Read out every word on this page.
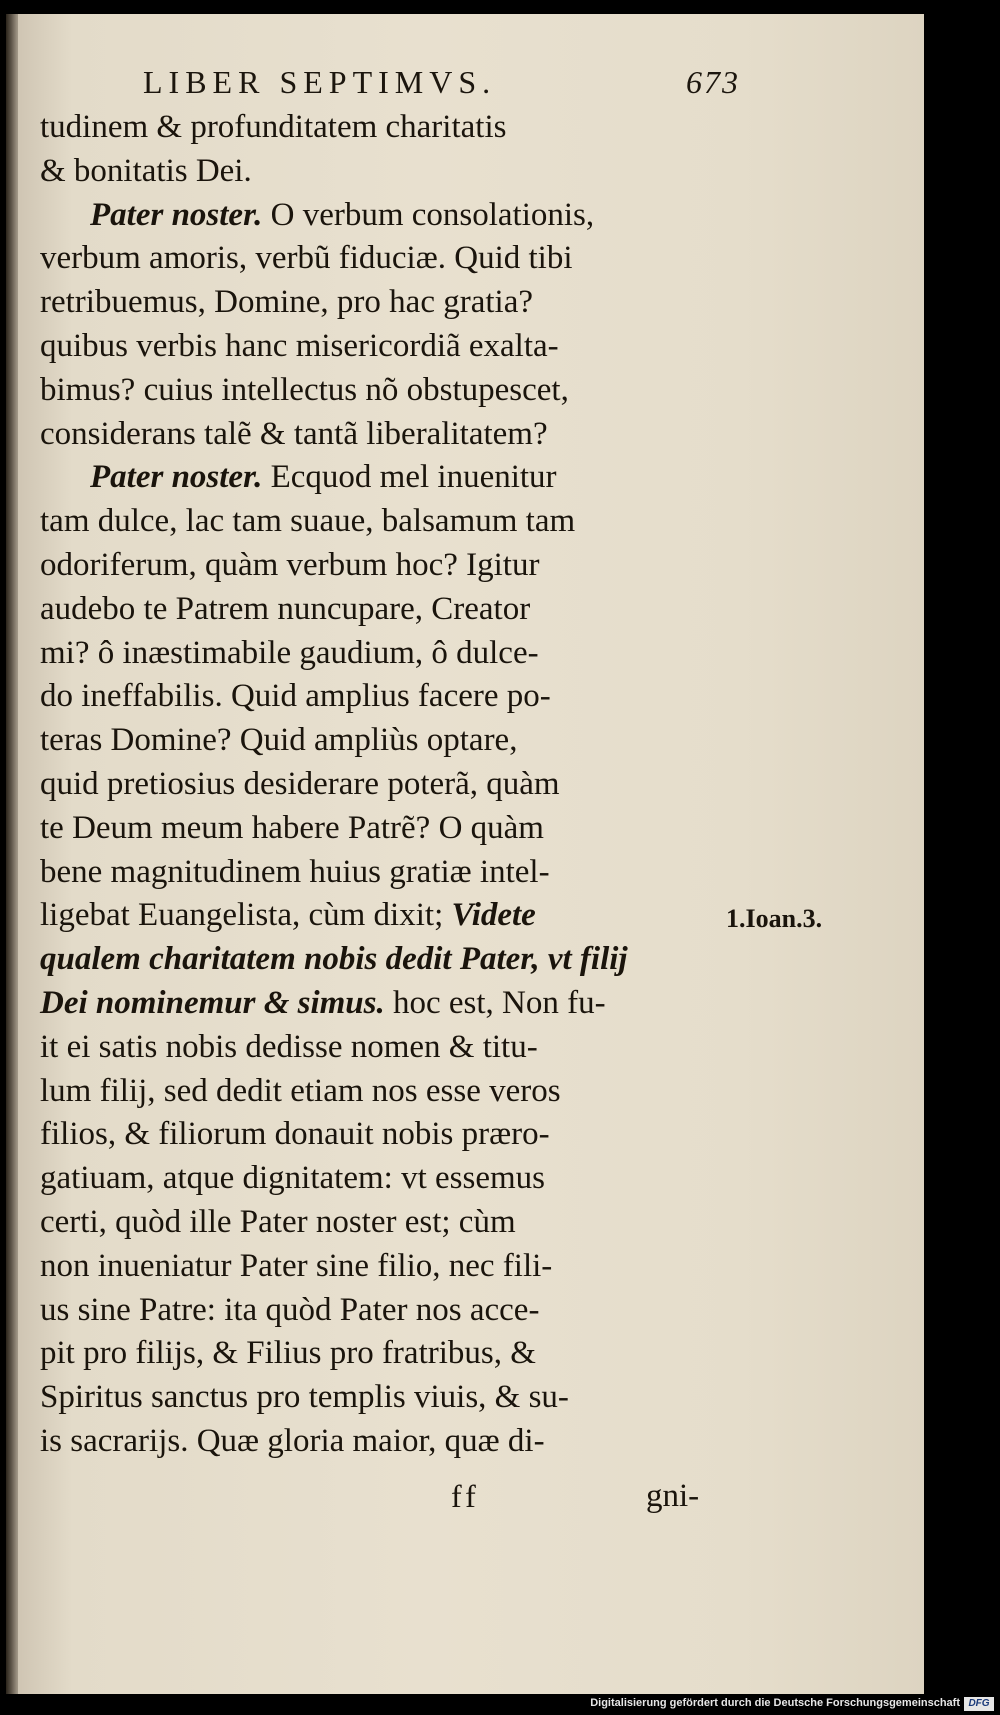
LIBER SEPTIMVS.	673
tudinem & profunditatem charitatis
& bonitatis Dei.
Pater noster. O verbum consolationis,
verbum amoris, verbũ fiduciæ. Quid tibi
retribuemus, Domine, pro hac gratia?
quibus verbis hanc misericordiã exalta-
bimus? cuius intellectus nõ obstupescet,
considerans talẽ & tantã liberalitatem?
Pater noster. Ecquod mel inuenitur
tam dulce, lac tam suaue, balsamum tam
odoriferum, quàm verbum hoc? Igitur
audebo te Patrem nuncupare, Creator
mi? ô inæstimabile gaudium, ô dulce-
do ineffabilis. Quid amplius facere po-
teras Domine? Quid ampliùs optare,
quid pretiosius desiderare poterã, quàm
te Deum meum habere Patrẽ? O quàm
bene magnitudinem huius gratiæ intel-
ligebat Euangelista, cùm dixit; Videte
qualem charitatem nobis dedit Pater, vt filij
Dei nominemur & simus. hoc est, Non fu-
it ei satis nobis dedisse nomen & titu-
lum filij, sed dedit etiam nos esse veros
filios, & filiorum donauit nobis præro-
gatiuam, atque dignitatem: vt essemus
certi, quòd ille Pater noster est; cùm
non inueniatur Pater sine filio, nec fili-
us sine Patre: ita quòd Pater nos acce-
pit pro filijs, & Filius pro fratribus, &
Spiritus sanctus pro templis viuis, & su-
is sacrarijs. Quæ gloria maior, quæ di-
1.Ioan.3.
ff	gni-
Digitalisierung gefördert durch die Deutsche Forschungsgemeinschaft DFG
